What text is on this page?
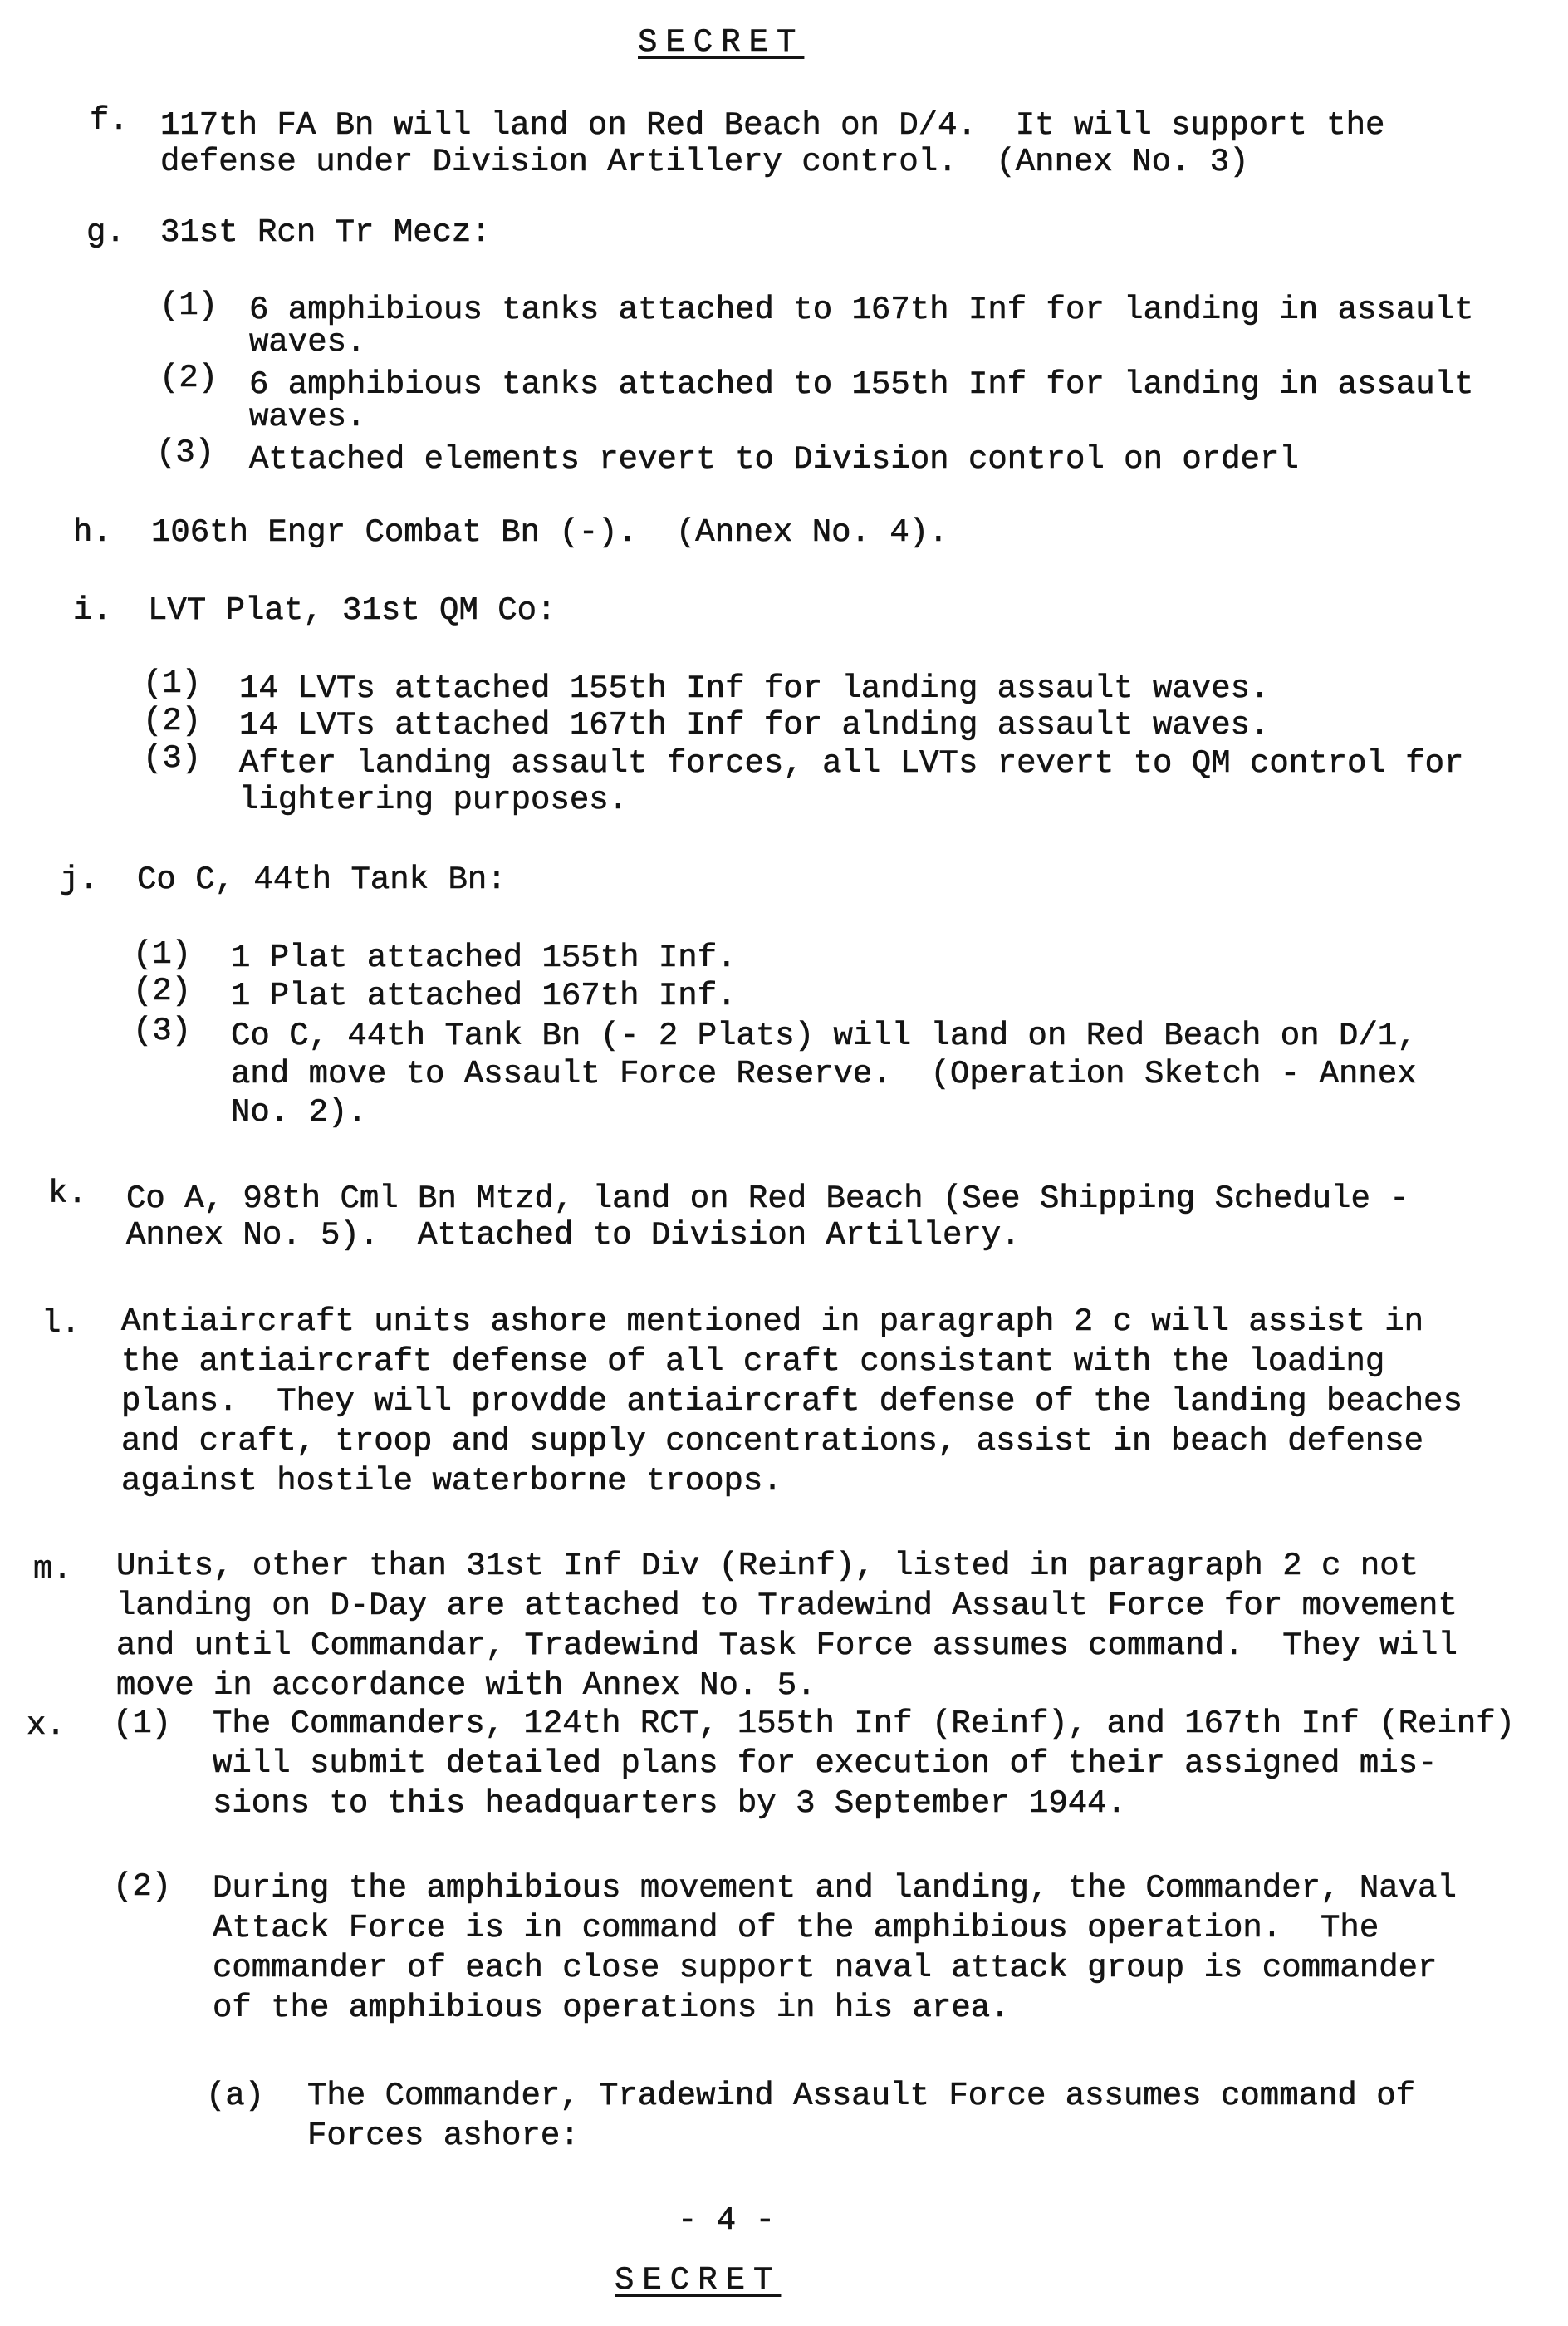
SECRET
f. 117th FA Bn will land on Red Beach on D/4.  It will support the
defense under Division Artillery control.  (Annex No. 3)
g. 31st Rcn Tr Mecz:
(1) 6 amphibious tanks attached to 167th Inf for landing in assault
waves.
(2) 6 amphibious tanks attached to 155th Inf for landing in assault
waves.
(3) Attached elements revert to Division control on orderl
h. 106th Engr Combat Bn (-).  (Annex No. 4).
i. LVT Plat, 31st QM Co:
(1) 14 LVTs attached 155th Inf for landing assault waves.
(2) 14 LVTs attached 167th Inf for alnding assault waves.
(3) After landing assault forces, all LVTs revert to QM control for
lightering purposes.
j. Co C, 44th Tank Bn:
(1) 1 Plat attached 155th Inf.
(2) 1 Plat attached 167th Inf.
(3) Co C, 44th Tank Bn (- 2 Plats) will land on Red Beach on D/1,
and move to Assault Force Reserve.  (Operation Sketch - Annex
No. 2).
k. Co A, 98th Cml Bn Mtzd, land on Red Beach (See Shipping Schedule -
Annex No. 5).  Attached to Division Artillery.
l. Antiaircraft units ashore mentioned in paragraph 2 c will assist in
the antiaircraft defense of all craft consistant with the loading
plans.  They will provdde antiaircraft defense of the landing beaches
and craft, troop and supply concentrations, assist in beach defense
against hostile waterborne troops.
m. Units, other than 31st Inf Div (Reinf), listed in paragraph 2 c not
landing on D-Day are attached to Tradewind Assault Force for movement
and until Commandar, Tradewind Task Force assumes command.  They will
move in accordance with Annex No. 5.
x. (1) The Commanders, 124th RCT, 155th Inf (Reinf), and 167th Inf (Reinf)
will submit detailed plans for execution of their assigned mis-
sions to this headquarters by 3 September 1944.
(2) During the amphibious movement and landing, the Commander, Naval
Attack Force is in command of the amphibious operation.  The
commander of each close support naval attack group is commander
of the amphibious operations in his area.
(a) The Commander, Tradewind Assault Force assumes command of
Forces ashore:
- 4 -
SECRET
